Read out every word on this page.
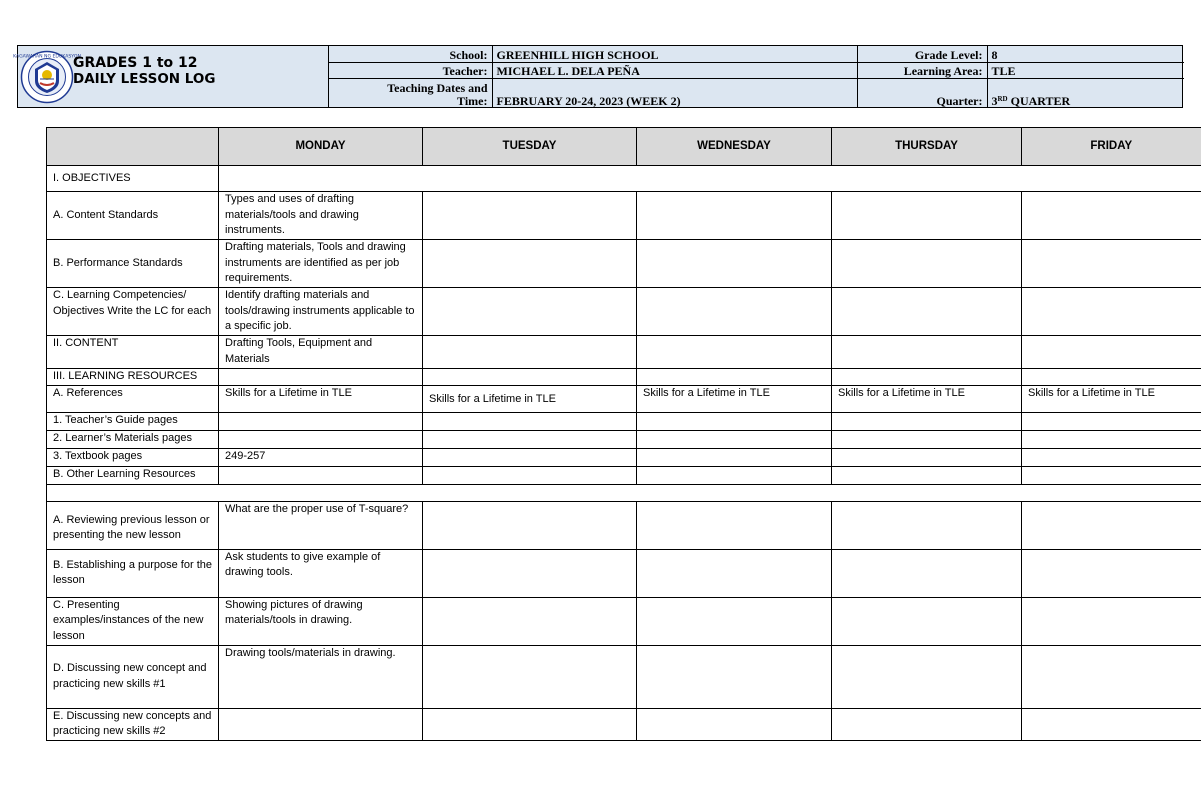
KAGAWARAN NG EDUKASYON
GRADES 1 to 12
DAILY LESSON LOG
School:	GREENHILL HIGH SCHOOL	Grade Level:	8
Teacher:	MICHAEL L. DELA PEÑA	Learning Area:	TLE

Teaching Dates and
Time:	FEBRUARY 20-24, 2023 (WEEK 2)	Quarter:	3RD QUARTER
	MONDAY	TUESDAY	WEDNESDAY	THURSDAY	FRIDAY
I. OBJECTIVES					
A. Content Standards	Types and uses of drafting materials/tools and drawing instruments.				
B. Performance Standards	Drafting materials, Tools and drawing instruments are identified as per job requirements.				
C. Learning Competencies/ Objectives Write the LC for each	Identify drafting materials and tools/drawing instruments applicable to a specific job.				
II. CONTENT	Drafting Tools, Equipment and Materials				
III. LEARNING RESOURCES					
A. References	Skills for a Lifetime in TLE	Skills for a Lifetime in TLE	Skills for a Lifetime in TLE	Skills for a Lifetime in TLE	Skills for a Lifetime in TLE
1. Teacher’s Guide pages					
2. Learner’s Materials pages					
3. Textbook pages	249-257				
B. Other Learning Resources					

A. Reviewing previous lesson or presenting the new lesson	What are the proper use of T-square?				
B. Establishing a purpose for the lesson	Ask students to give example of drawing tools.				
C. Presenting examples/instances of the new lesson	Showing pictures of drawing materials/tools in drawing.				
D. Discussing new concept and practicing new skills #1	Drawing tools/materials in drawing.				
E. Discussing new concepts and practicing new skills #2					
